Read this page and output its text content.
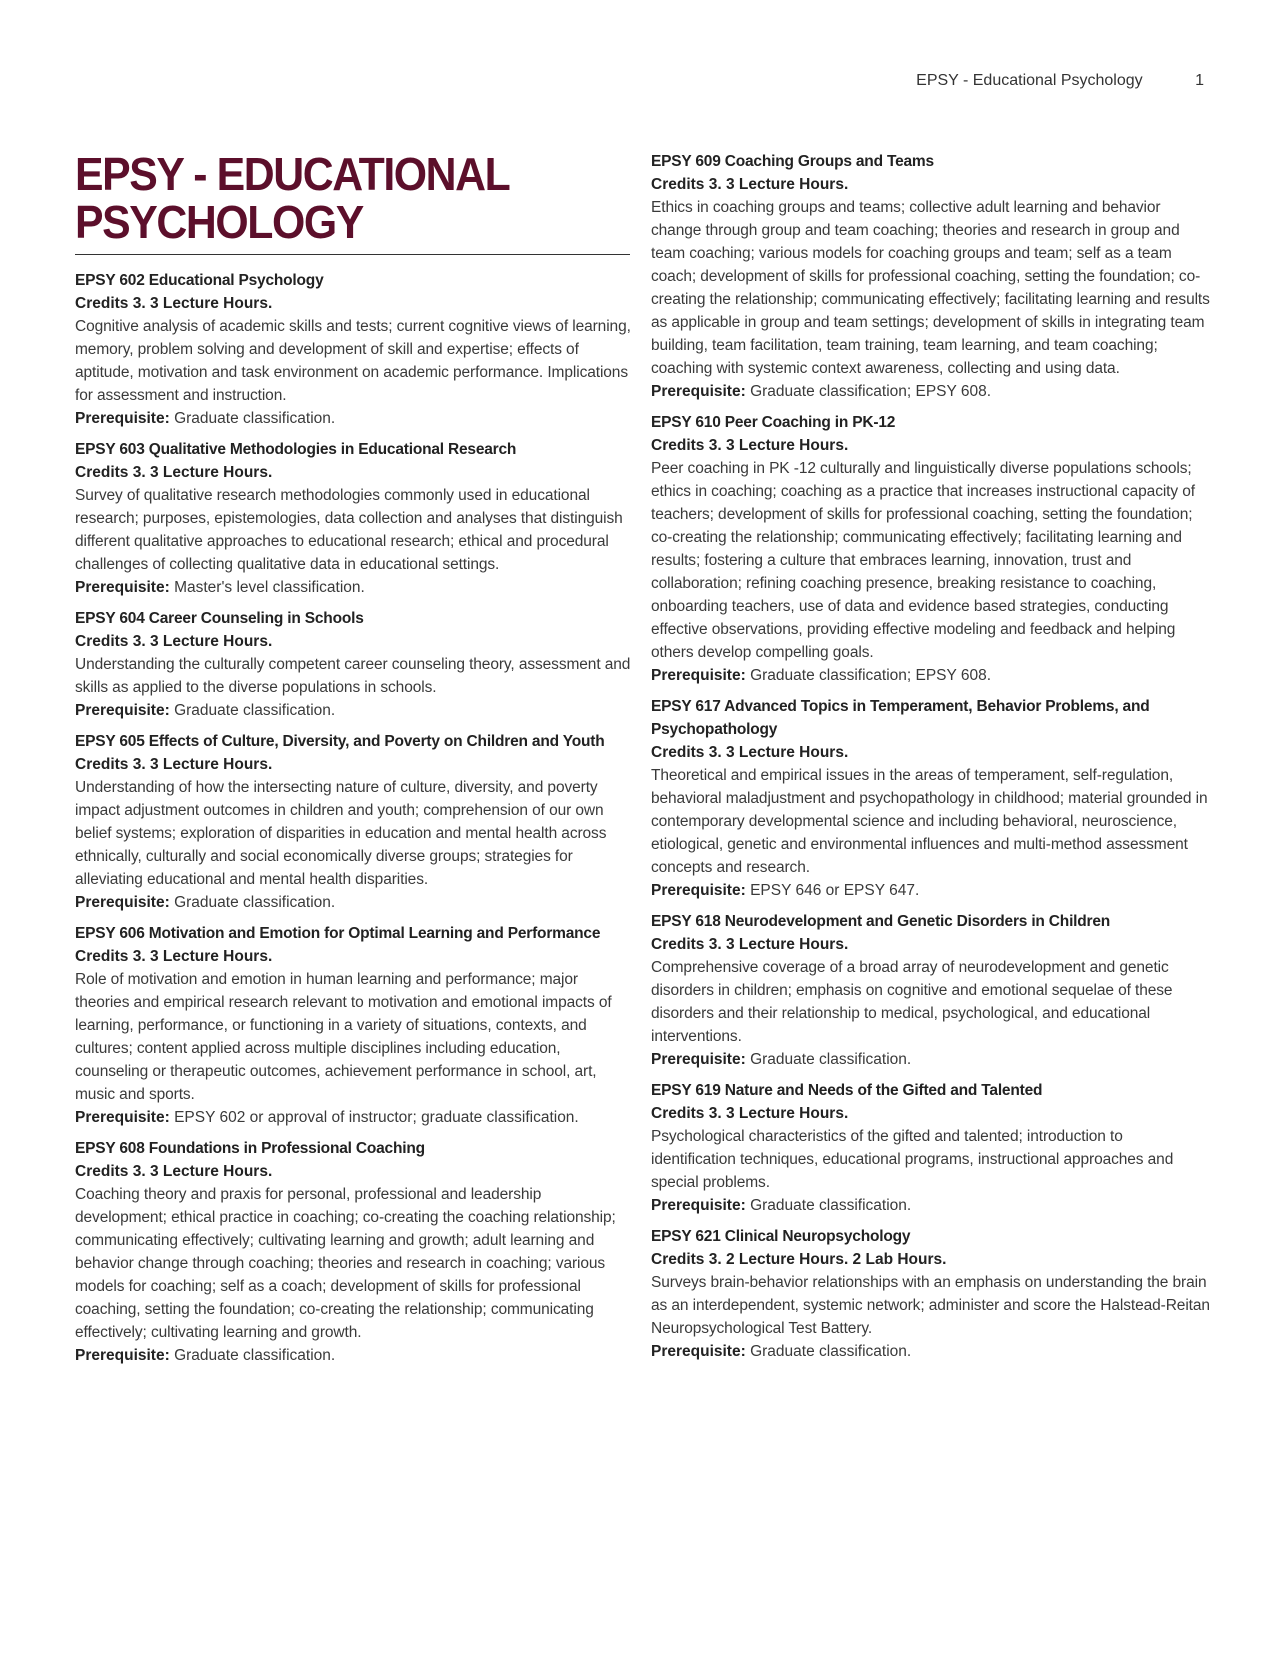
EPSY - Educational Psychology	1
EPSY - EDUCATIONAL PSYCHOLOGY
EPSY 602 Educational Psychology
Credits 3. 3 Lecture Hours.
Cognitive analysis of academic skills and tests; current cognitive views of learning, memory, problem solving and development of skill and expertise; effects of aptitude, motivation and task environment on academic performance. Implications for assessment and instruction.
Prerequisite: Graduate classification.
EPSY 603 Qualitative Methodologies in Educational Research
Credits 3. 3 Lecture Hours.
Survey of qualitative research methodologies commonly used in educational research; purposes, epistemologies, data collection and analyses that distinguish different qualitative approaches to educational research; ethical and procedural challenges of collecting qualitative data in educational settings.
Prerequisite: Master's level classification.
EPSY 604 Career Counseling in Schools
Credits 3. 3 Lecture Hours.
Understanding the culturally competent career counseling theory, assessment and skills as applied to the diverse populations in schools.
Prerequisite: Graduate classification.
EPSY 605 Effects of Culture, Diversity, and Poverty on Children and Youth
Credits 3. 3 Lecture Hours.
Understanding of how the intersecting nature of culture, diversity, and poverty impact adjustment outcomes in children and youth; comprehension of our own belief systems; exploration of disparities in education and mental health across ethnically, culturally and social economically diverse groups; strategies for alleviating educational and mental health disparities.
Prerequisite: Graduate classification.
EPSY 606 Motivation and Emotion for Optimal Learning and Performance
Credits 3. 3 Lecture Hours.
Role of motivation and emotion in human learning and performance; major theories and empirical research relevant to motivation and emotional impacts of learning, performance, or functioning in a variety of situations, contexts, and cultures; content applied across multiple disciplines including education, counseling or therapeutic outcomes, achievement performance in school, art, music and sports.
Prerequisite: EPSY 602 or approval of instructor; graduate classification.
EPSY 608 Foundations in Professional Coaching
Credits 3. 3 Lecture Hours.
Coaching theory and praxis for personal, professional and leadership development; ethical practice in coaching; co-creating the coaching relationship; communicating effectively; cultivating learning and growth; adult learning and behavior change through coaching; theories and research in coaching; various models for coaching; self as a coach; development of skills for professional coaching, setting the foundation; co-creating the relationship; communicating effectively; cultivating learning and growth.
Prerequisite: Graduate classification.
EPSY 609 Coaching Groups and Teams
Credits 3. 3 Lecture Hours.
Ethics in coaching groups and teams; collective adult learning and behavior change through group and team coaching; theories and research in group and team coaching; various models for coaching groups and team; self as a team coach; development of skills for professional coaching, setting the foundation; co-creating the relationship; communicating effectively; facilitating learning and results as applicable in group and team settings; development of skills in integrating team building, team facilitation, team training, team learning, and team coaching; coaching with systemic context awareness, collecting and using data.
Prerequisite: Graduate classification; EPSY 608.
EPSY 610 Peer Coaching in PK-12
Credits 3. 3 Lecture Hours.
Peer coaching in PK -12 culturally and linguistically diverse populations schools; ethics in coaching; coaching as a practice that increases instructional capacity of teachers; development of skills for professional coaching, setting the foundation; co-creating the relationship; communicating effectively; facilitating learning and results; fostering a culture that embraces learning, innovation, trust and collaboration; refining coaching presence, breaking resistance to coaching, onboarding teachers, use of data and evidence based strategies, conducting effective observations, providing effective modeling and feedback and helping others develop compelling goals.
Prerequisite: Graduate classification; EPSY 608.
EPSY 617 Advanced Topics in Temperament, Behavior Problems, and Psychopathology
Credits 3. 3 Lecture Hours.
Theoretical and empirical issues in the areas of temperament, self-regulation, behavioral maladjustment and psychopathology in childhood; material grounded in contemporary developmental science and including behavioral, neuroscience, etiological, genetic and environmental influences and multi-method assessment concepts and research.
Prerequisite: EPSY 646 or EPSY 647.
EPSY 618 Neurodevelopment and Genetic Disorders in Children
Credits 3. 3 Lecture Hours.
Comprehensive coverage of a broad array of neurodevelopment and genetic disorders in children; emphasis on cognitive and emotional sequelae of these disorders and their relationship to medical, psychological, and educational interventions.
Prerequisite: Graduate classification.
EPSY 619 Nature and Needs of the Gifted and Talented
Credits 3. 3 Lecture Hours.
Psychological characteristics of the gifted and talented; introduction to identification techniques, educational programs, instructional approaches and special problems.
Prerequisite: Graduate classification.
EPSY 621 Clinical Neuropsychology
Credits 3. 2 Lecture Hours. 2 Lab Hours.
Surveys brain-behavior relationships with an emphasis on understanding the brain as an interdependent, systemic network; administer and score the Halstead-Reitan Neuropsychological Test Battery.
Prerequisite: Graduate classification.
